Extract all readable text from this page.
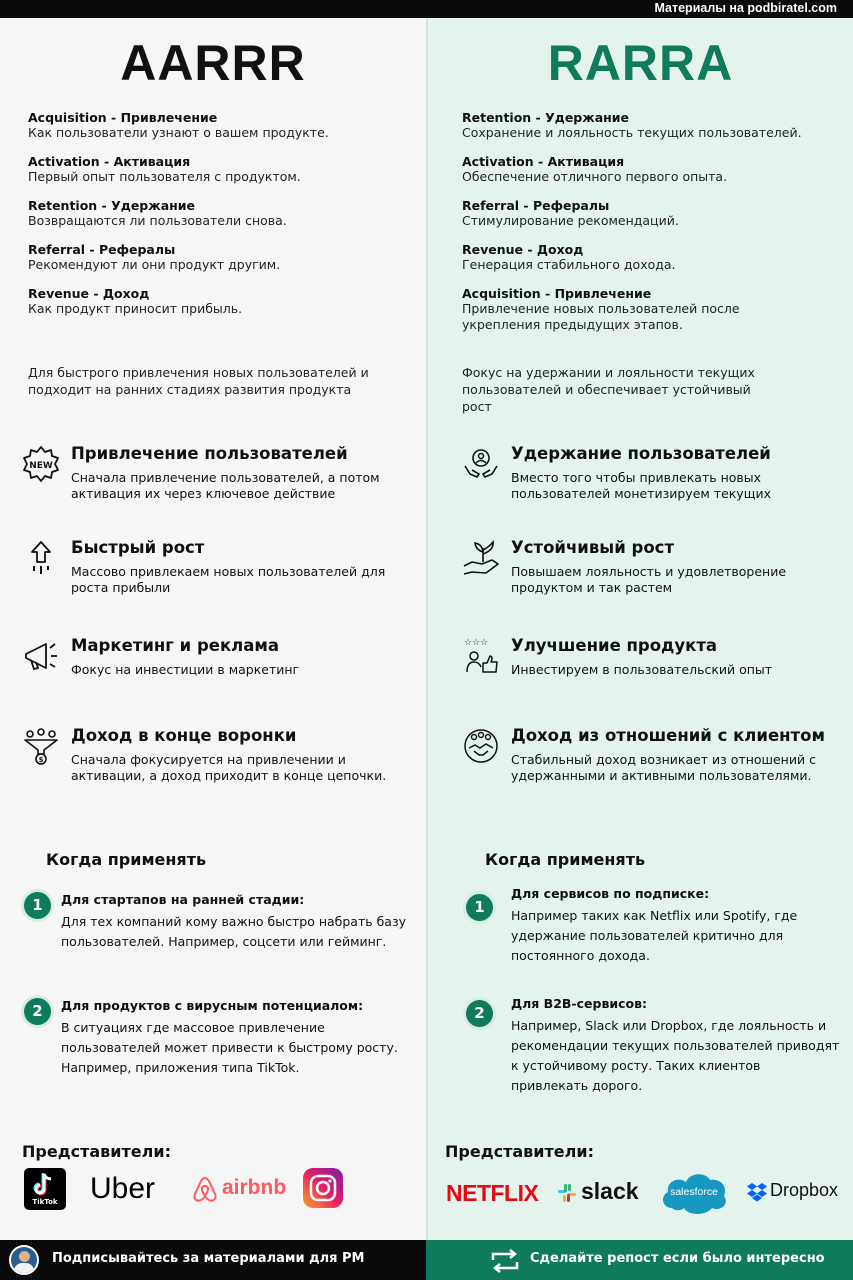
Материалы на podbiratel.com
AARRR
Acquisition - Привлечение
Как пользователи узнают о вашем продукте.
Activation - Активация
Первый опыт пользователя с продуктом.
Retention - Удержание
Возвращаются ли пользователи снова.
Referral - Рефералы
Рекомендуют ли они продукт другим.
Revenue - Доход
Как продукт приносит прибыль.
Для быстрого привлечения новых пользователей и подходит на ранних стадиях развития продукта
NEW
Привлечение пользователей
Сначала привлечение пользователей, а потом активация их через ключевое действие
Быстрый рост
Массово привлекаем новых пользователей для роста прибыли
Маркетинг и реклама
Фокус на инвестиции в маркетинг
$
Доход в конце воронки
Сначала фокусируется на привлечении и активации, а доход приходит в конце цепочки.
Когда применять
1	Для стартапов на ранней стадии:
Для тех компаний кому важно быстро набрать базу пользователей. Например, соцсети или гейминг.
2	Для продуктов с вирусным потенциалом:
В ситуациях где массовое привлечение пользователей может привести к быстрому росту. Например, приложения типа TikTok.
Представители:
TikTok Uber	airbnb
RARRA
Retention - Удержание
Сохранение и лояльность текущих пользователей.
Activation - Активация
Обеспечение отличного первого опыта.
Referral - Рефералы
Стимулирование рекомендаций.
Revenue - Доход
Генерация стабильного дохода.
Acquisition - Привлечение
Привлечение новых пользователей после укрепления предыдущих этапов.
Фокус на удержании и лояльности текущих пользователей и обеспечивает устойчивый рост
Удержание пользователей
Вместо того чтобы привлекать новых пользователей монетизируем текущих
Устойчивый рост
Повышаем лояльность и удовлетворение продуктом и так растем
☆☆☆ Улучшение продукта
Инвестируем в пользовательский опыт
Доход из отношений с клиентом
Стабильный доход возникает из отношений с удержанными и активными пользователями.
Когда применять
1
Для сервисов по подписке:
Например таких как Netflix или Spotify, где удержание пользователей критично для постоянного дохода.
2
Для B2B-сервисов:
Например, Slack или Dropbox, где лояльность и рекомендации текущих пользователей приводят к устойчивому росту. Таких клиентов привлекать дорого.
Представители:
NETFLIX slack	salesforce	Dropbox
Подписывайтесь за материалами для PM	Сделайте репост если было интересно
